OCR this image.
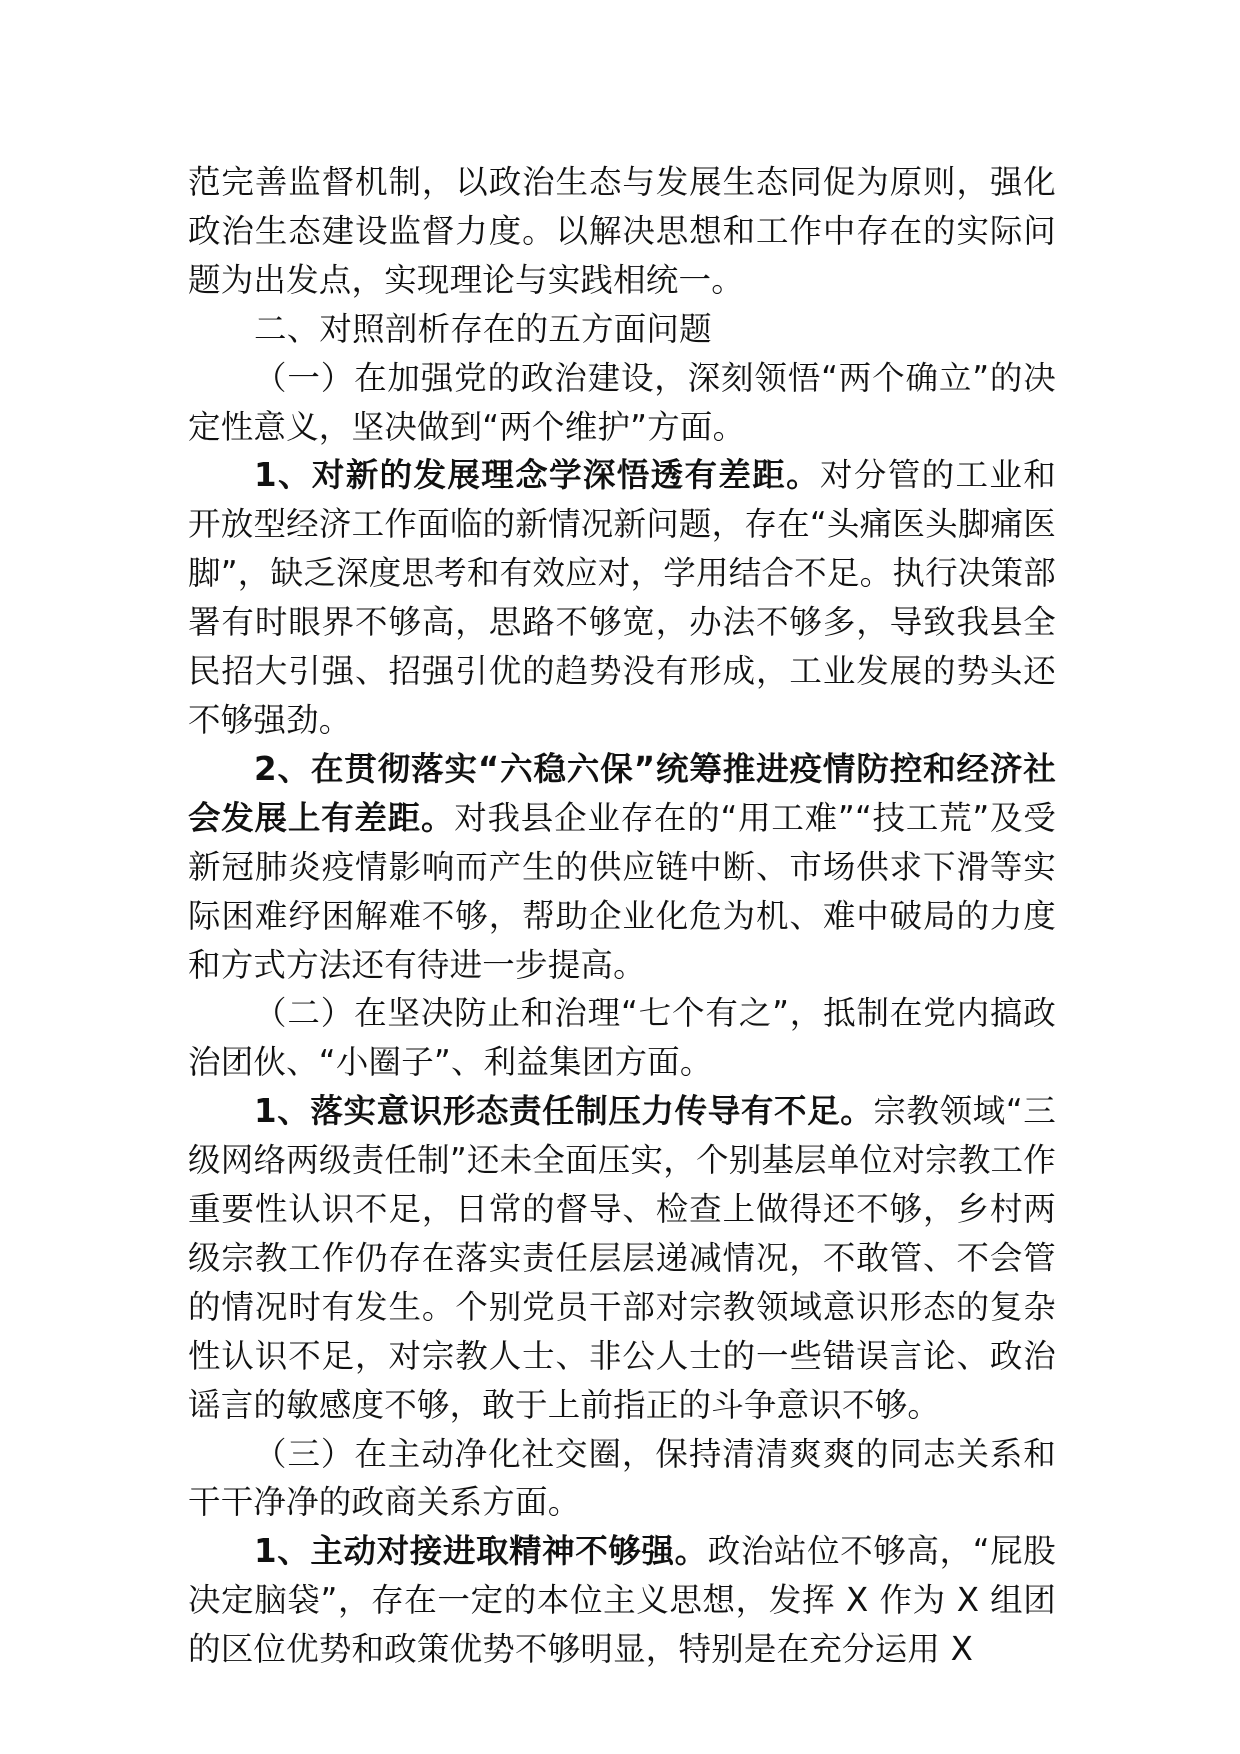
范完善监督机制，以政治生态与发展生态同促为原则，强化政治生态建设监督力度。以解决思想和工作中存在的实际问题为出发点，实现理论与实践相统一。

二、对照剖析存在的五方面问题

（一）在加强党的政治建设，深刻领悟“两个确立”的决定性意义，坚决做到“两个维护”方面。

1、对新的发展理念学深悟透有差距。对分管的工业和开放型经济工作面临的新情况新问题，存在“头痛医头脚痛医脚”，缺乏深度思考和有效应对，学用结合不足。执行决策部署有时眼界不够高，思路不够宽，办法不够多，导致我县全民招大引强、招强引优的趋势没有形成，工业发展的势头还不够强劲。

2、在贯彻落实“六稳六保”统筹推进疫情防控和经济社会发展上有差距。对我县企业存在的“用工难”“技工荒”及受新冠肺炎疫情影响而产生的供应链中断、市场供求下滑等实际困难纾困解难不够，帮助企业化危为机、难中破局的力度和方式方法还有待进一步提高。

（二）在坚决防止和治理“七个有之”，抵制在党内搞政治团伙、“小圈子”、利益集团方面。

1、落实意识形态责任制压力传导有不足。宗教领域“三级网络两级责任制”还未全面压实，个别基层单位对宗教工作重要性认识不足，日常的督导、检查上做得还不够，乡村两级宗教工作仍存在落实责任层层递减情况，不敢管、不会管的情况时有发生。个别党员干部对宗教领域意识形态的复杂性认识不足，对宗教人士、非公人士的一些错误言论、政治谣言的敏感度不够，敢于上前指正的斗争意识不够。

（三）在主动净化社交圈，保持清清爽爽的同志关系和干干净净的政商关系方面。

1、主动对接进取精神不够强。政治站位不够高，“屁股决定脑袋”，存在一定的本位主义思想，发挥 X 作为 X 组团的区位优势和政策优势不够明显，特别是在充分运用 X
